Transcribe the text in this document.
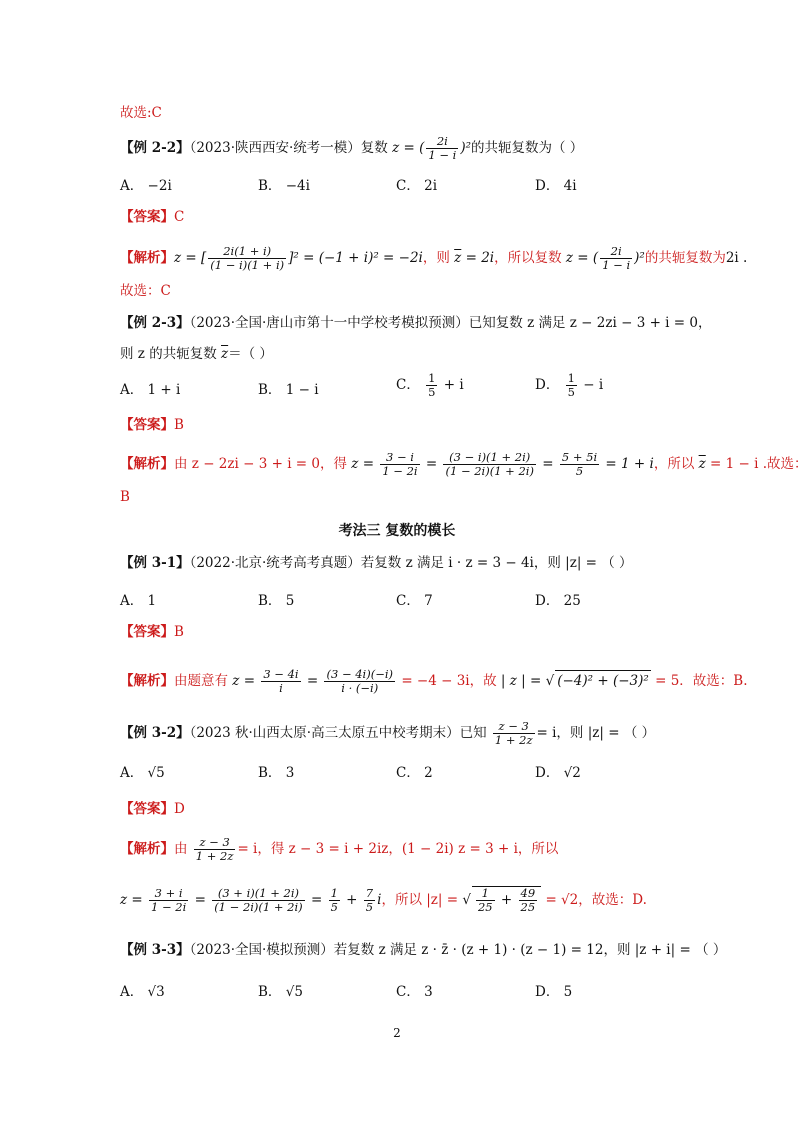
故选:C
【例 2-2】（2023·陕西西安·统考一模）复数 z = ( $\frac{2i}{1 - i} )^2$的共轭复数为（ ）
A． −2i	B． −4i	C． 2i	D． 4i
【答案】C
【解析】z = [ $\frac{2i(1 + i)}{(1 - i)(1 + i)} ]^2 = (-1 + i)^2 = -2i$，则 $\overline{z} = 2i$，所以复数 z = ( $\frac{2i}{1 - i} )^2$的共轭复数为2i .
故选：C
【例 2-3】（2023·全国·唐山市第十一中学校考模拟预测）已知复数 z 满足 z − 2zi − 3 + i = 0，
则 z 的共轭复数 $\overline{z}=$（ ）
A． 1 + i	B． 1 − i	C． $\frac{1}{5} + i$	D． $\frac{1}{5} - i$
【答案】B
【解析】由 z − 2zi − 3 + i = 0，得 $z = \frac{3 - i}{1 - 2i} = \frac{(3 - i)(1 + 2i)}{(1 - 2i)(1 + 2i)} = \frac{5 + 5i}{5} = 1 + i$，所以 $\overline{z} = 1 - i$ .故选：
B
考法三 复数的模长
【例 3-1】（2022·北京·统考高考真题）若复数 z 满足 i · z = 3 − 4i，则 |z| = （ ）
A． 1	B． 5	C． 7	D． 25
【答案】B
【解析】由题意有 $z = \frac{3 - 4i}{i} = \frac{(3 - 4i)(-i)}{i \cdot (-i)} = -4 - 3i$，故 | z | = √ (−4)² + (−3)² = 5．故选：B.
【例 3-2】（2023 秋·山西太原·高三太原五中校考期末）已知 $\frac{z - 3}{1 + 2z} = i$，则 |z| = （ ）
A． √5	B． 3	C． 2	D． √2
【答案】D
【解析】由 $\frac{z - 3}{1 + 2z} = i$，得 z − 3 = i + 2iz，(1 − 2i) z = 3 + i，所以
$z = \frac{3 + i}{1 - 2i} = \frac{(3 + i)(1 + 2i)}{(1 - 2i)(1 + 2i)} = \frac{1}{5} + \frac{7}{5}$ i，所以 |z| = √ $\frac{1}{25} + \frac{49}{25} = √2$，故选：D.
【例 3-3】（2023·全国·模拟预测）若复数 z 满足 z · z̄ · (z + 1) · (z − 1) = 12，则 |z + i| = （ ）
A． √3	B． √5	C． 3	D． 5
2
